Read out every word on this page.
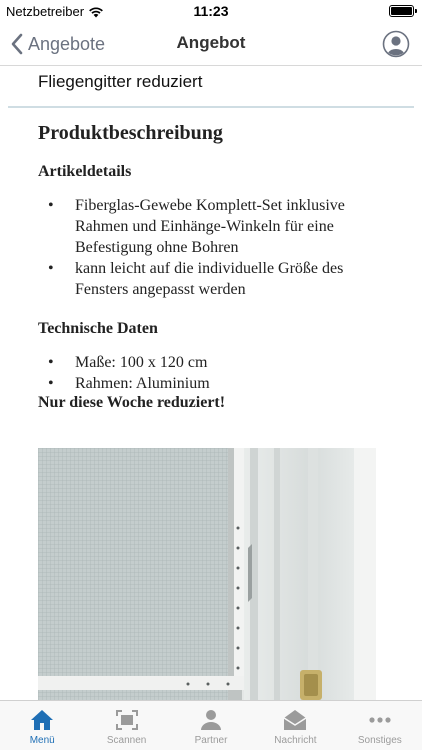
Netzbetreiber	11:23
Angebote	Angebot
Fliegengitter reduziert
Produktbeschreibung
Artikeldetails
• Fiberglas-Gewebe Komplett-Set inklusive Rahmen und Einhänge-Winkeln für eine Befestigung ohne Bohren
• kann leicht auf die individuelle Größe des Fensters angepasst werden
Technische Daten
• Maße: 100 x 120 cm
• Rahmen: Aluminium
Nur diese Woche reduziert!
Menü	Scannen	Partner	Nachricht	Sonstiges
